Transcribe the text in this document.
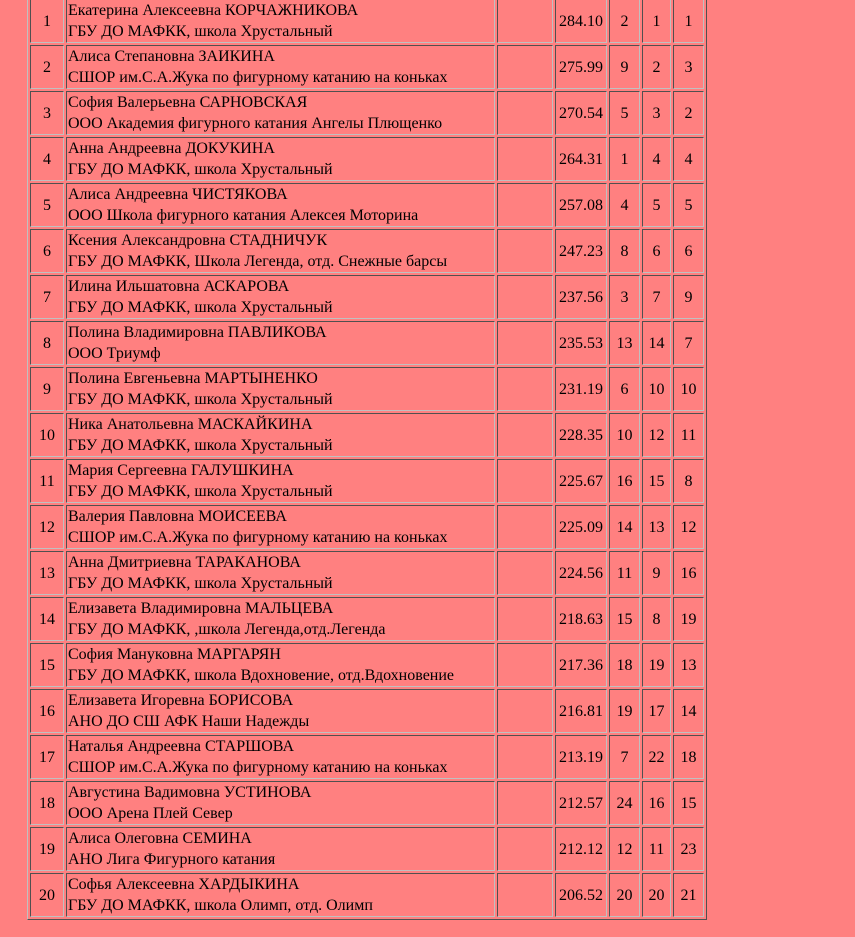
1	Екатерина Алексеевна КОРЧАЖНИКОВА
ГБУ ДО МАФКК, школа Хрустальный		284.10	2	1	1
2	Алиса Степановна ЗАИКИНА
СШОР им.С.А.Жука по фигурному катанию на коньках		275.99	9	2	3
3	София Валерьевна САРНОВСКАЯ
ООО Академия фигурного катания Ангелы Плющенко		270.54	5	3	2
4	Анна Андреевна ДОКУКИНА
ГБУ ДО МАФКК, школа Хрустальный		264.31	1	4	4
5	Алиса Андреевна ЧИСТЯКОВА
ООО Школа фигурного катания Алексея Моторина		257.08	4	5	5
6	Ксения Александровна СТАДНИЧУК
ГБУ ДО МАФКК, Школа Легенда, отд. Снежные барсы		247.23	8	6	6
7	Илина Ильшатовна АСКАРОВА
ГБУ ДО МАФКК, школа Хрустальный		237.56	3	7	9
8	Полина Владимировна ПАВЛИКОВА
ООО Триумф		235.53	13	14	7
9	Полина Евгеньевна МАРТЫНЕНКО
ГБУ ДО МАФКК, школа Хрустальный		231.19	6	10	10
10	Ника Анатольевна МАСКАЙКИНА
ГБУ ДО МАФКК, школа Хрустальный		228.35	10	12	11
11	Мария Сергеевна ГАЛУШКИНА
ГБУ ДО МАФКК, школа Хрустальный		225.67	16	15	8
12	Валерия Павловна МОИСЕЕВА
СШОР им.С.А.Жука по фигурному катанию на коньках		225.09	14	13	12
13	Анна Дмитриевна ТАРАКАНОВА
ГБУ ДО МАФКК, школа Хрустальный		224.56	11	9	16
14	Елизавета Владимировна МАЛЬЦЕВА
ГБУ ДО МАФКК, ,школа Легенда,отд.Легенда		218.63	15	8	19
15	София Мануковна МАРГАРЯН
ГБУ ДО МАФКК, школа Вдохновение, отд.Вдохновение		217.36	18	19	13
16	Елизавета Игоревна БОРИСОВА
АНО ДО СШ АФК Наши Надежды		216.81	19	17	14
17	Наталья Андреевна СТАРШОВА
СШОР им.С.А.Жука по фигурному катанию на коньках		213.19	7	22	18
18	Августина Вадимовна УСТИНОВА
ООО Арена Плей Север		212.57	24	16	15
19	Алиса Олеговна СЕМИНА
АНО Лига Фигурного катания		212.12	12	11	23
20	Софья Алексеевна ХАРДЫКИНА
ГБУ ДО МАФКК, школа Олимп, отд. Олимп		206.52	20	20	21
